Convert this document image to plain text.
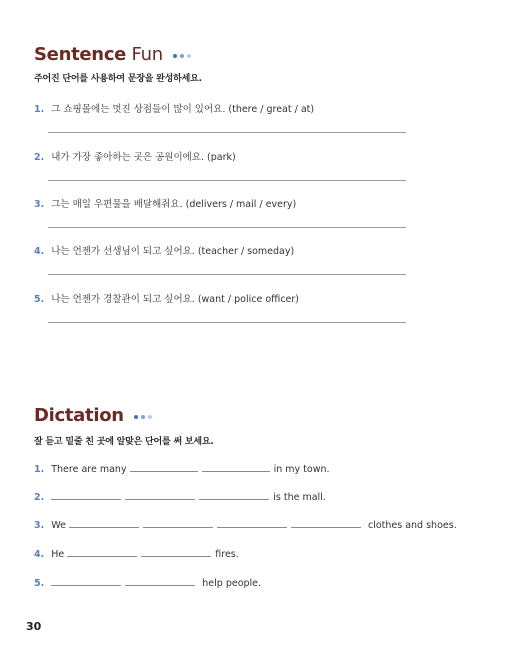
Sentence Fun
주어진 단어를 사용하여 문장을 완성하세요.
1. 그 쇼핑몰에는 멋진 상점들이 많이 있어요. (there / great / at)
2. 내가 가장 좋아하는 곳은 공원이에요. (park)
3. 그는 매일 우편물을 배달해줘요. (delivers / mail / every)
4. 나는 언젠가 선생님이 되고 싶어요. (teacher / someday)
5. 나는 언젠가 경찰관이 되고 싶어요. (want / police officer)
Dictation
잘 듣고 밑줄 친 곳에 알맞은 단어를 써 보세요.
1. There are many	in my town.
2.	is the mall.
3. We	clothes and shoes.
4. He	fires.
5.	help people.
30
